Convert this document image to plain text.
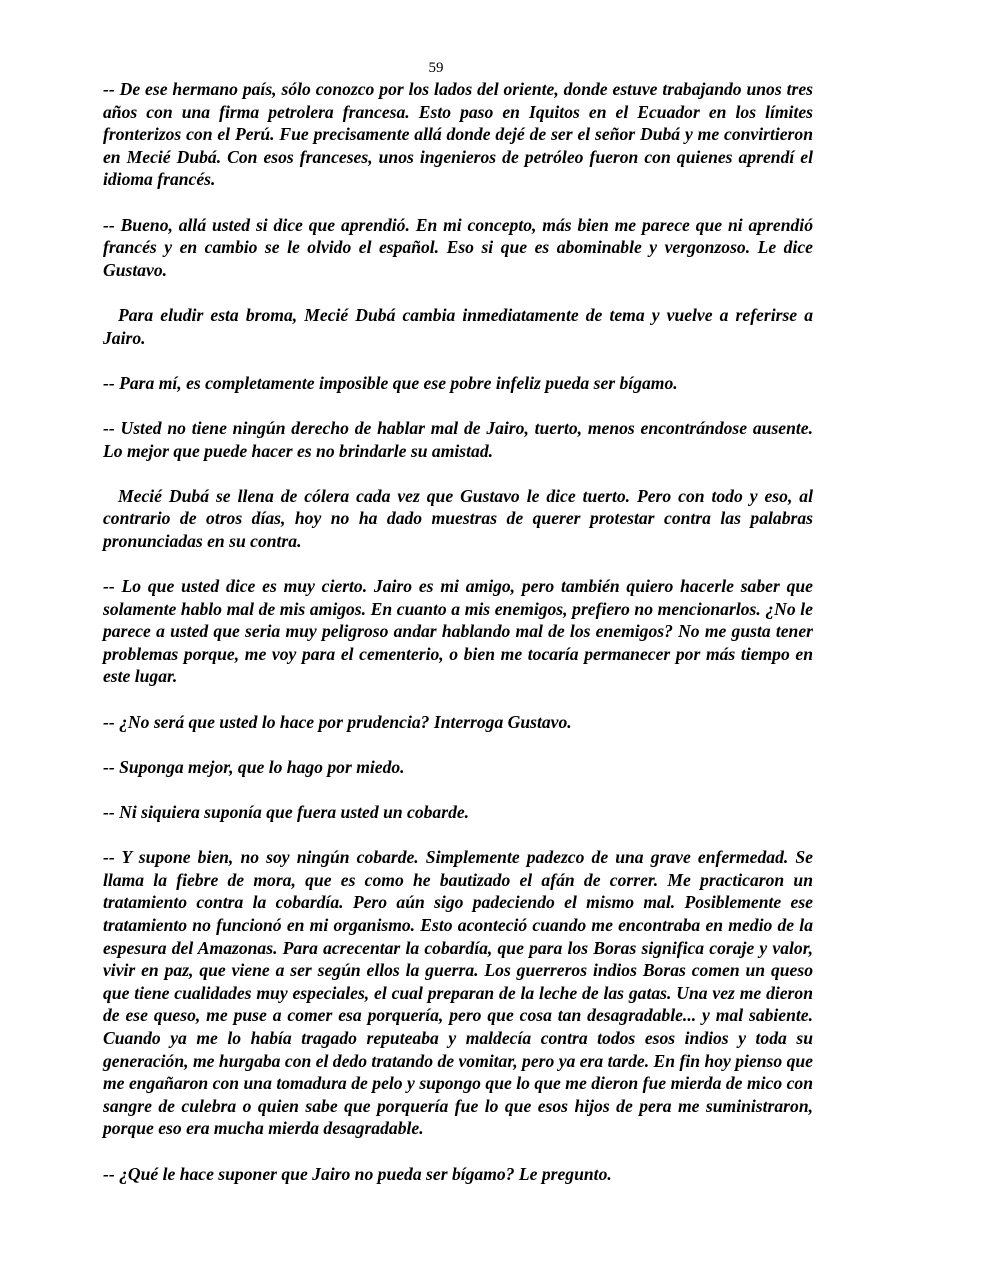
59

-- De ese hermano país, sólo conozco por los lados del oriente, donde estuve trabajando unos tres años con una firma petrolera francesa. Esto paso en Iquitos en el Ecuador en los límites fronterizos con el Perú. Fue precisamente allá donde dejé de ser el señor Dubá y me convirtieron en Mecié Dubá. Con esos franceses, unos ingenieros de petróleo fueron con quienes aprendí el idioma francés.

-- Bueno, allá usted si dice que aprendió. En mi concepto, más bien me parece que ni aprendió francés y en cambio se le olvido el español. Eso si que es abominable y vergonzoso. Le dice Gustavo.

Para eludir esta broma, Mecié Dubá cambia inmediatamente de tema y vuelve a referirse a Jairo.

-- Para mí, es completamente imposible que ese pobre infeliz pueda ser bígamo.

-- Usted no tiene ningún derecho de hablar mal de Jairo, tuerto, menos encontrándose ausente. Lo mejor que puede hacer es no brindarle su amistad.

Mecié Dubá se llena de cólera cada vez que Gustavo le dice tuerto. Pero con todo y eso, al contrario de otros días, hoy no ha dado muestras de querer protestar contra las palabras pronunciadas en su contra.

-- Lo que usted dice es muy cierto. Jairo es mi amigo, pero también quiero hacerle saber que solamente hablo mal de mis amigos. En cuanto a mis enemigos, prefiero no mencionarlos. ¿No le parece a usted que seria muy peligroso andar hablando mal de los enemigos? No me gusta tener problemas porque, me voy para el cementerio, o bien me tocaría permanecer por más tiempo en este lugar.

-- ¿No será que usted lo hace por prudencia? Interroga Gustavo.

-- Suponga mejor, que lo hago por miedo.

-- Ni siquiera suponía que fuera usted un cobarde.

-- Y supone bien, no soy ningún cobarde. Simplemente padezco de una grave enfermedad. Se llama la fiebre de mora, que es como he bautizado el afán de correr. Me practicaron un tratamiento contra la cobardía. Pero aún sigo padeciendo el mismo mal. Posiblemente ese tratamiento no funcionó en mi organismo. Esto aconteció cuando me encontraba en medio de la espesura del Amazonas. Para acrecentar la cobardía, que para los Boras significa coraje y valor, vivir en paz, que viene a ser según ellos la guerra. Los guerreros indios Boras comen un queso que tiene cualidades muy especiales, el cual preparan de la leche de las gatas. Una vez me dieron de ese queso, me puse a comer esa porquería, pero que cosa tan desagradable... y mal sabiente. Cuando ya me lo había tragado reputeaba y maldecía contra todos esos indios y toda su generación, me hurgaba con el dedo tratando de vomitar, pero ya era tarde. En fin hoy pienso que me engañaron con una tomadura de pelo y supongo que lo que me dieron fue mierda de mico con sangre de culebra o quien sabe que porquería fue lo que esos hijos de pera me suministraron, porque eso era mucha mierda desagradable.

-- ¿Qué le hace suponer que Jairo no pueda ser bígamo? Le pregunto.
